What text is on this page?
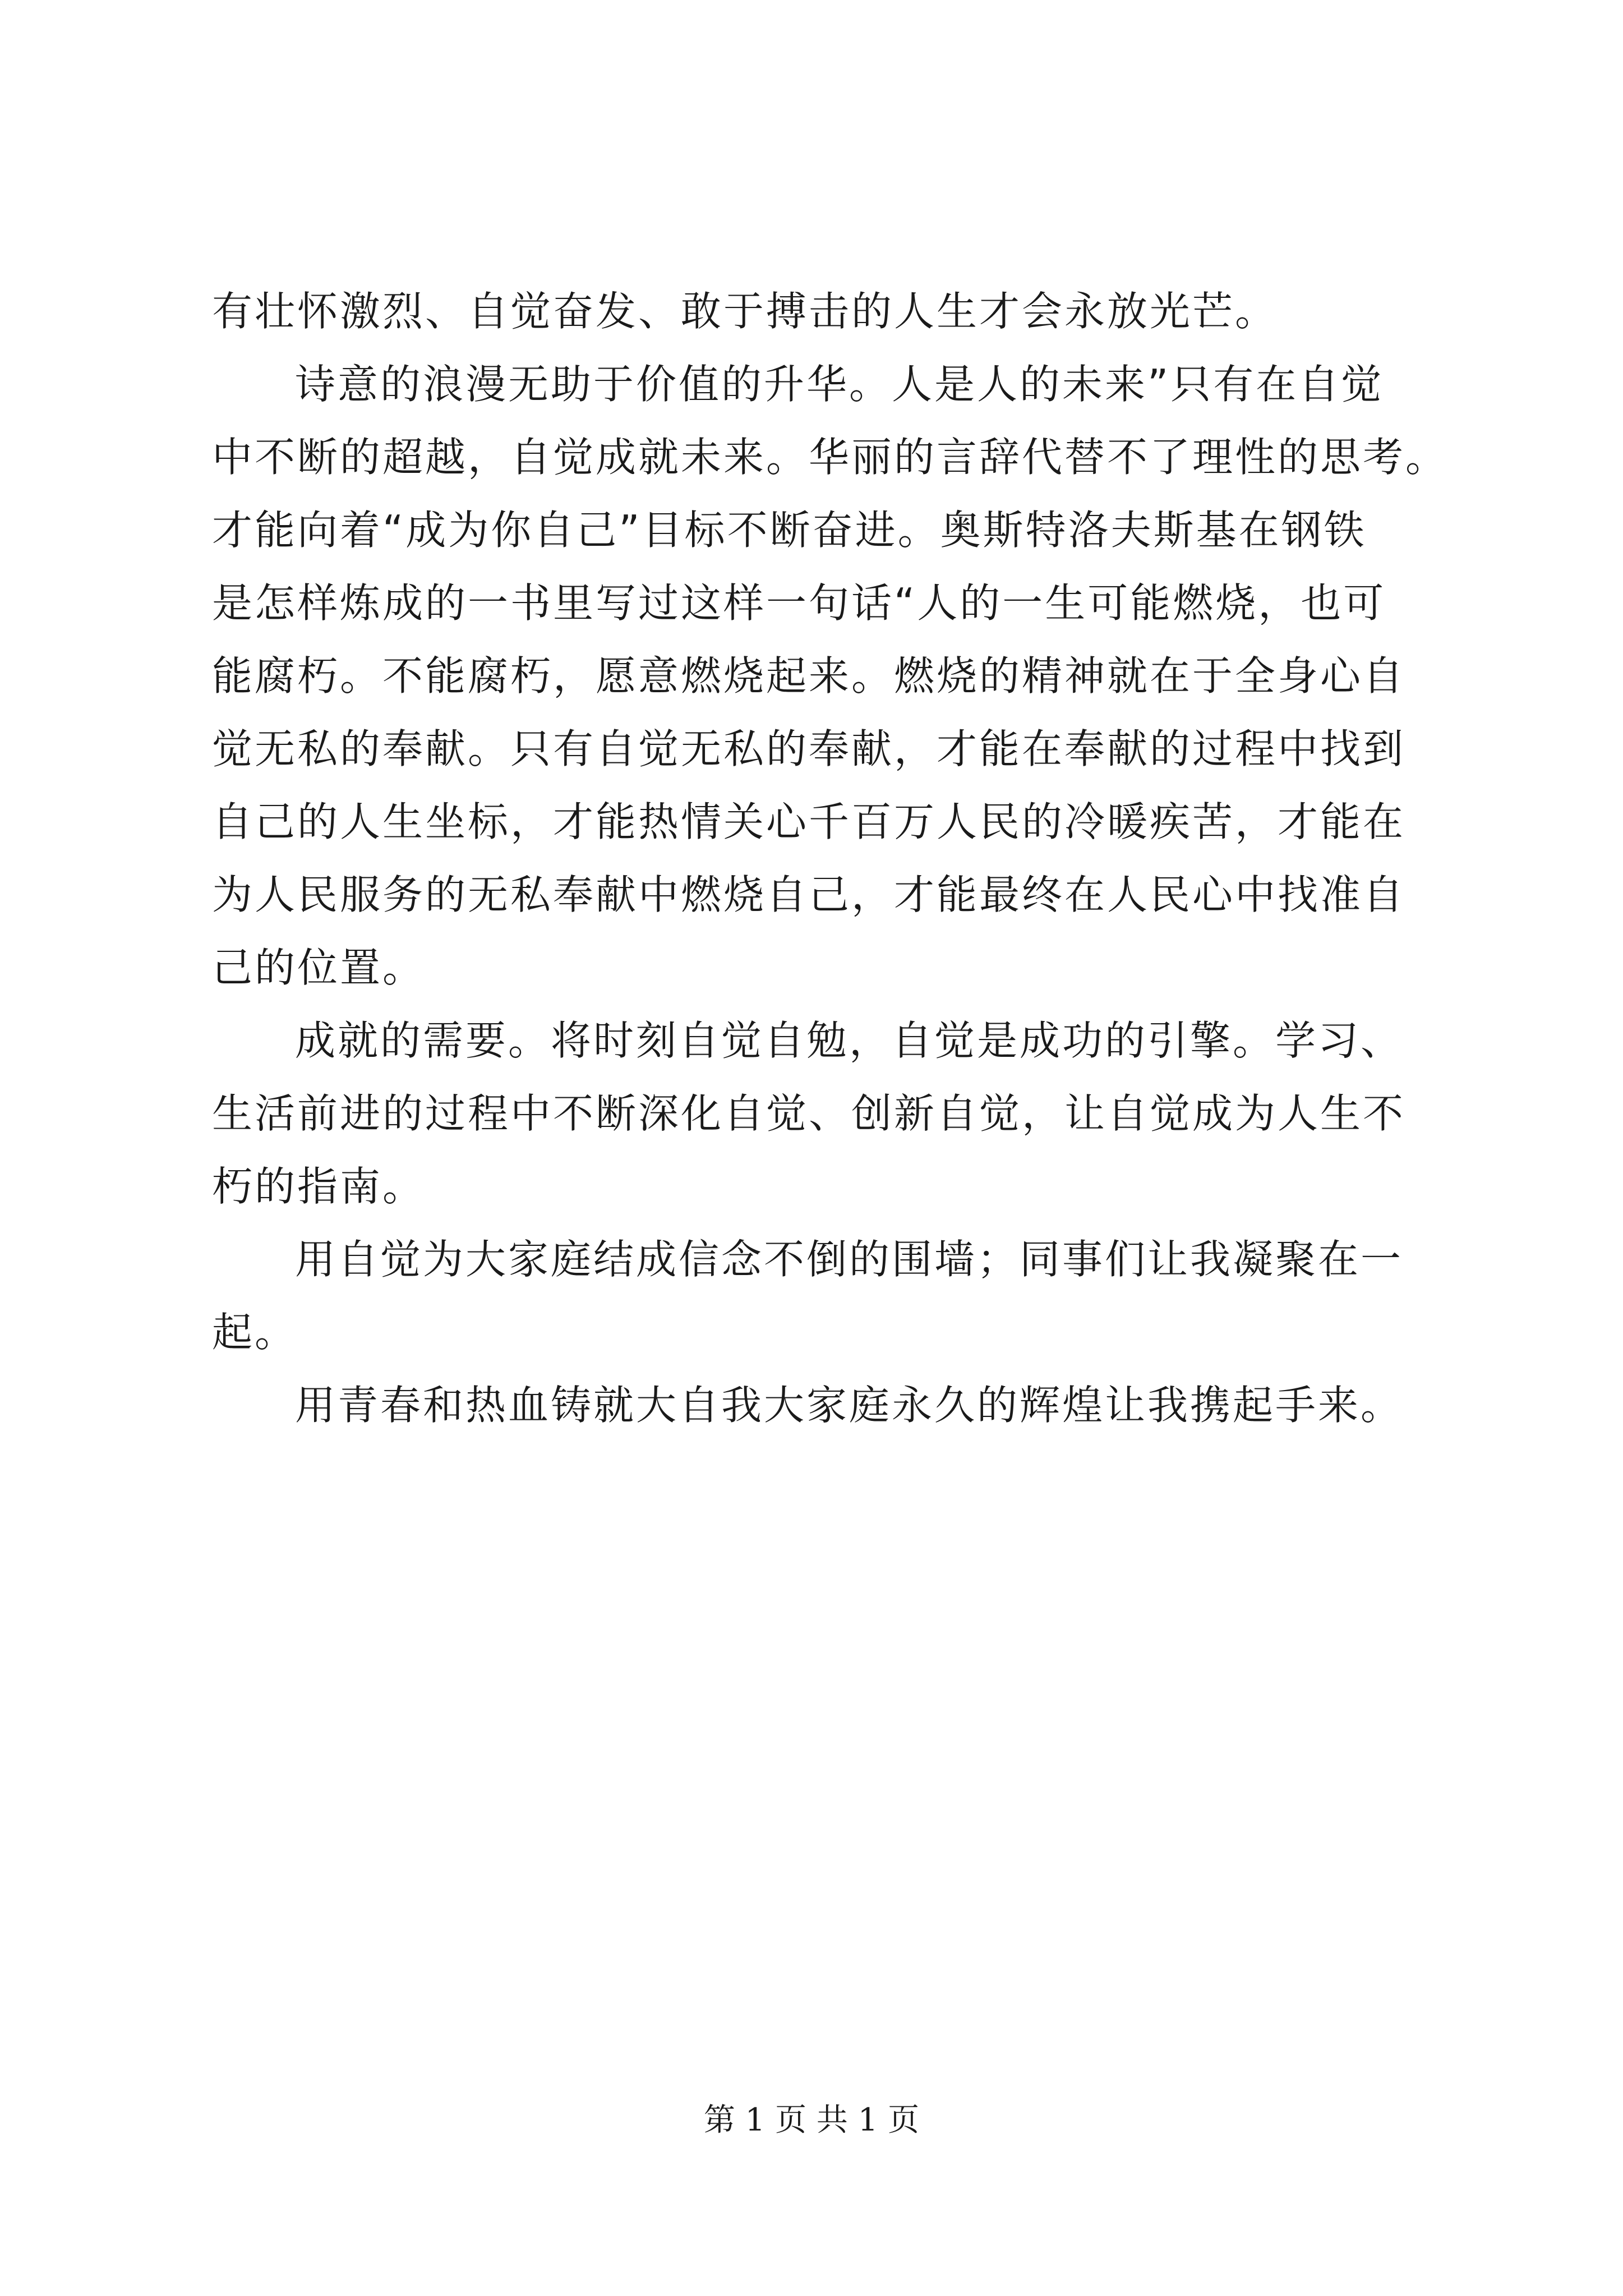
有壮怀激烈、自觉奋发、敢于搏击的人生才会永放光芒。
诗意的浪漫无助于价值的升华。人是人的未来”只有在自觉
中不断的超越，自觉成就未来。华丽的言辞代替不了理性的思考。
才能向着“成为你自己”目标不断奋进。奥斯特洛夫斯基在钢铁
是怎样炼成的一书里写过这样一句话“人的一生可能燃烧，也可
能腐朽。不能腐朽，愿意燃烧起来。燃烧的精神就在于全身心自
觉无私的奉献。只有自觉无私的奉献，才能在奉献的过程中找到
自己的人生坐标，才能热情关心千百万人民的冷暖疾苦，才能在
为人民服务的无私奉献中燃烧自己，才能最终在人民心中找准自
己的位置。
成就的需要。将时刻自觉自勉，自觉是成功的引擎。学习、
生活前进的过程中不断深化自觉、创新自觉，让自觉成为人生不
朽的指南。
用自觉为大家庭结成信念不倒的围墙；同事们让我凝聚在一
起。
用青春和热血铸就大自我大家庭永久的辉煌让我携起手来。
第 1 页 共 1 页
